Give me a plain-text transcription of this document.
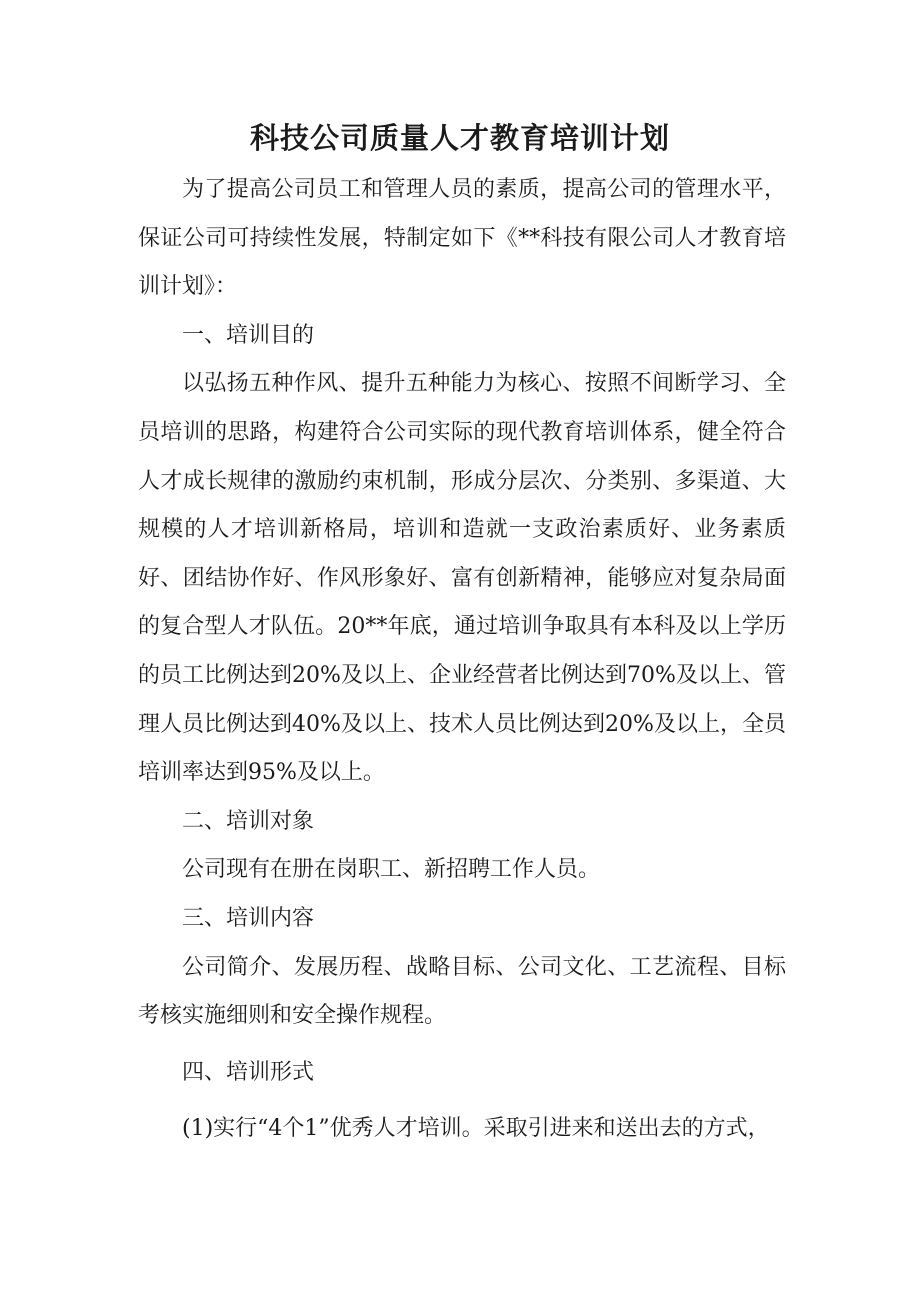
科技公司质量人才教育培训计划

为了提高公司员工和管理人员的素质，提高公司的管理水平，保证公司可持续性发展，特制定如下《**科技有限公司人才教育培训计划》：

一、培训目的

以弘扬五种作风、提升五种能力为核心、按照不间断学习、全员培训的思路，构建符合公司实际的现代教育培训体系，健全符合人才成长规律的激励约束机制，形成分层次、分类别、多渠道、大规模的人才培训新格局，培训和造就一支政治素质好、业务素质好、团结协作好、作风形象好、富有创新精神，能够应对复杂局面的复合型人才队伍。20**年底，通过培训争取具有本科及以上学历的员工比例达到20%及以上、企业经营者比例达到70%及以上、管理人员比例达到40%及以上、技术人员比例达到20%及以上，全员培训率达到95%及以上。

二、培训对象

公司现有在册在岗职工、新招聘工作人员。

三、培训内容

公司简介、发展历程、战略目标、公司文化、工艺流程、目标考核实施细则和安全操作规程。

四、培训形式

(1)实行“4个1”优秀人才培训。采取引进来和送出去的方式，
